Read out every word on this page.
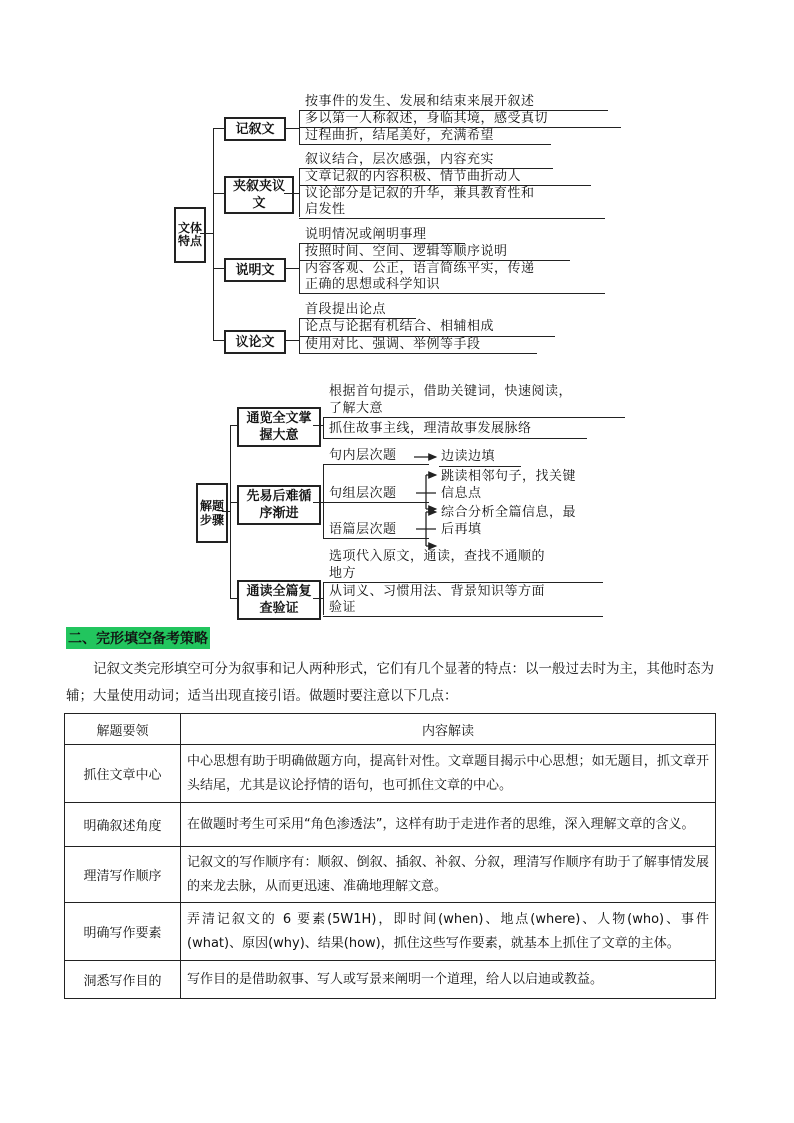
文体特点
记叙文
按事件的发生、发展和结束来展开叙述
多以第一人称叙述，身临其境，感受真切
过程曲折，结尾美好，充满希望
夹叙夹议文
叙议结合，层次感强，内容充实
文章记叙的内容积极、情节曲折动人
议论部分是记叙的升华，兼具教育性和
启发性
说明文
说明情况或阐明事理
按照时间、空间、逻辑等顺序说明
内容客观、公正，语言简练平实，传递
正确的思想或科学知识
议论文
首段提出论点
论点与论据有机结合、相辅相成
使用对比、强调、举例等手段
解题步骤
通览全文掌握大意
根据首句提示，借助关键词，快速阅读，
了解大意
抓住故事主线，理清故事发展脉络
先易后难循序渐进
句内层次题
句组层次题
语篇层次题
边读边填
跳读相邻句子，找关键
信息点
综合分析全篇信息，最
后再填
通读全篇复查验证
选项代入原文，通读，查找不通顺的
地方
从词义、习惯用法、背景知识等方面
验证
二、完形填空备考策略
记叙文类完形填空可分为叙事和记人两种形式，它们有几个显著的特点：以一般过去时为主，其他时态为辅；大量使用动词；适当出现直接引语。做题时要注意以下几点：
解题要领	内容解读
抓住文章中心	中心思想有助于明确做题方向，提高针对性。文章题目揭示中心思想；如无题目，抓文章开头结尾，尤其是议论抒情的语句，也可抓住文章的中心。
明确叙述角度	在做题时考生可采用“角色渗透法”，这样有助于走进作者的思维，深入理解文章的含义。
理清写作顺序	记叙文的写作顺序有：顺叙、倒叙、插叙、补叙、分叙，理清写作顺序有助于了解事情发展的来龙去脉，从而更迅速、准确地理解文意。
明确写作要素	弄清记叙文的 6 要素(5W1H)，即时间(when)、地点(where)、人物(who)、事件(what)、原因(why)、结果(how)，抓住这些写作要素，就基本上抓住了文章的主体。
洞悉写作目的	写作目的是借助叙事、写人或写景来阐明一个道理，给人以启迪或教益。
